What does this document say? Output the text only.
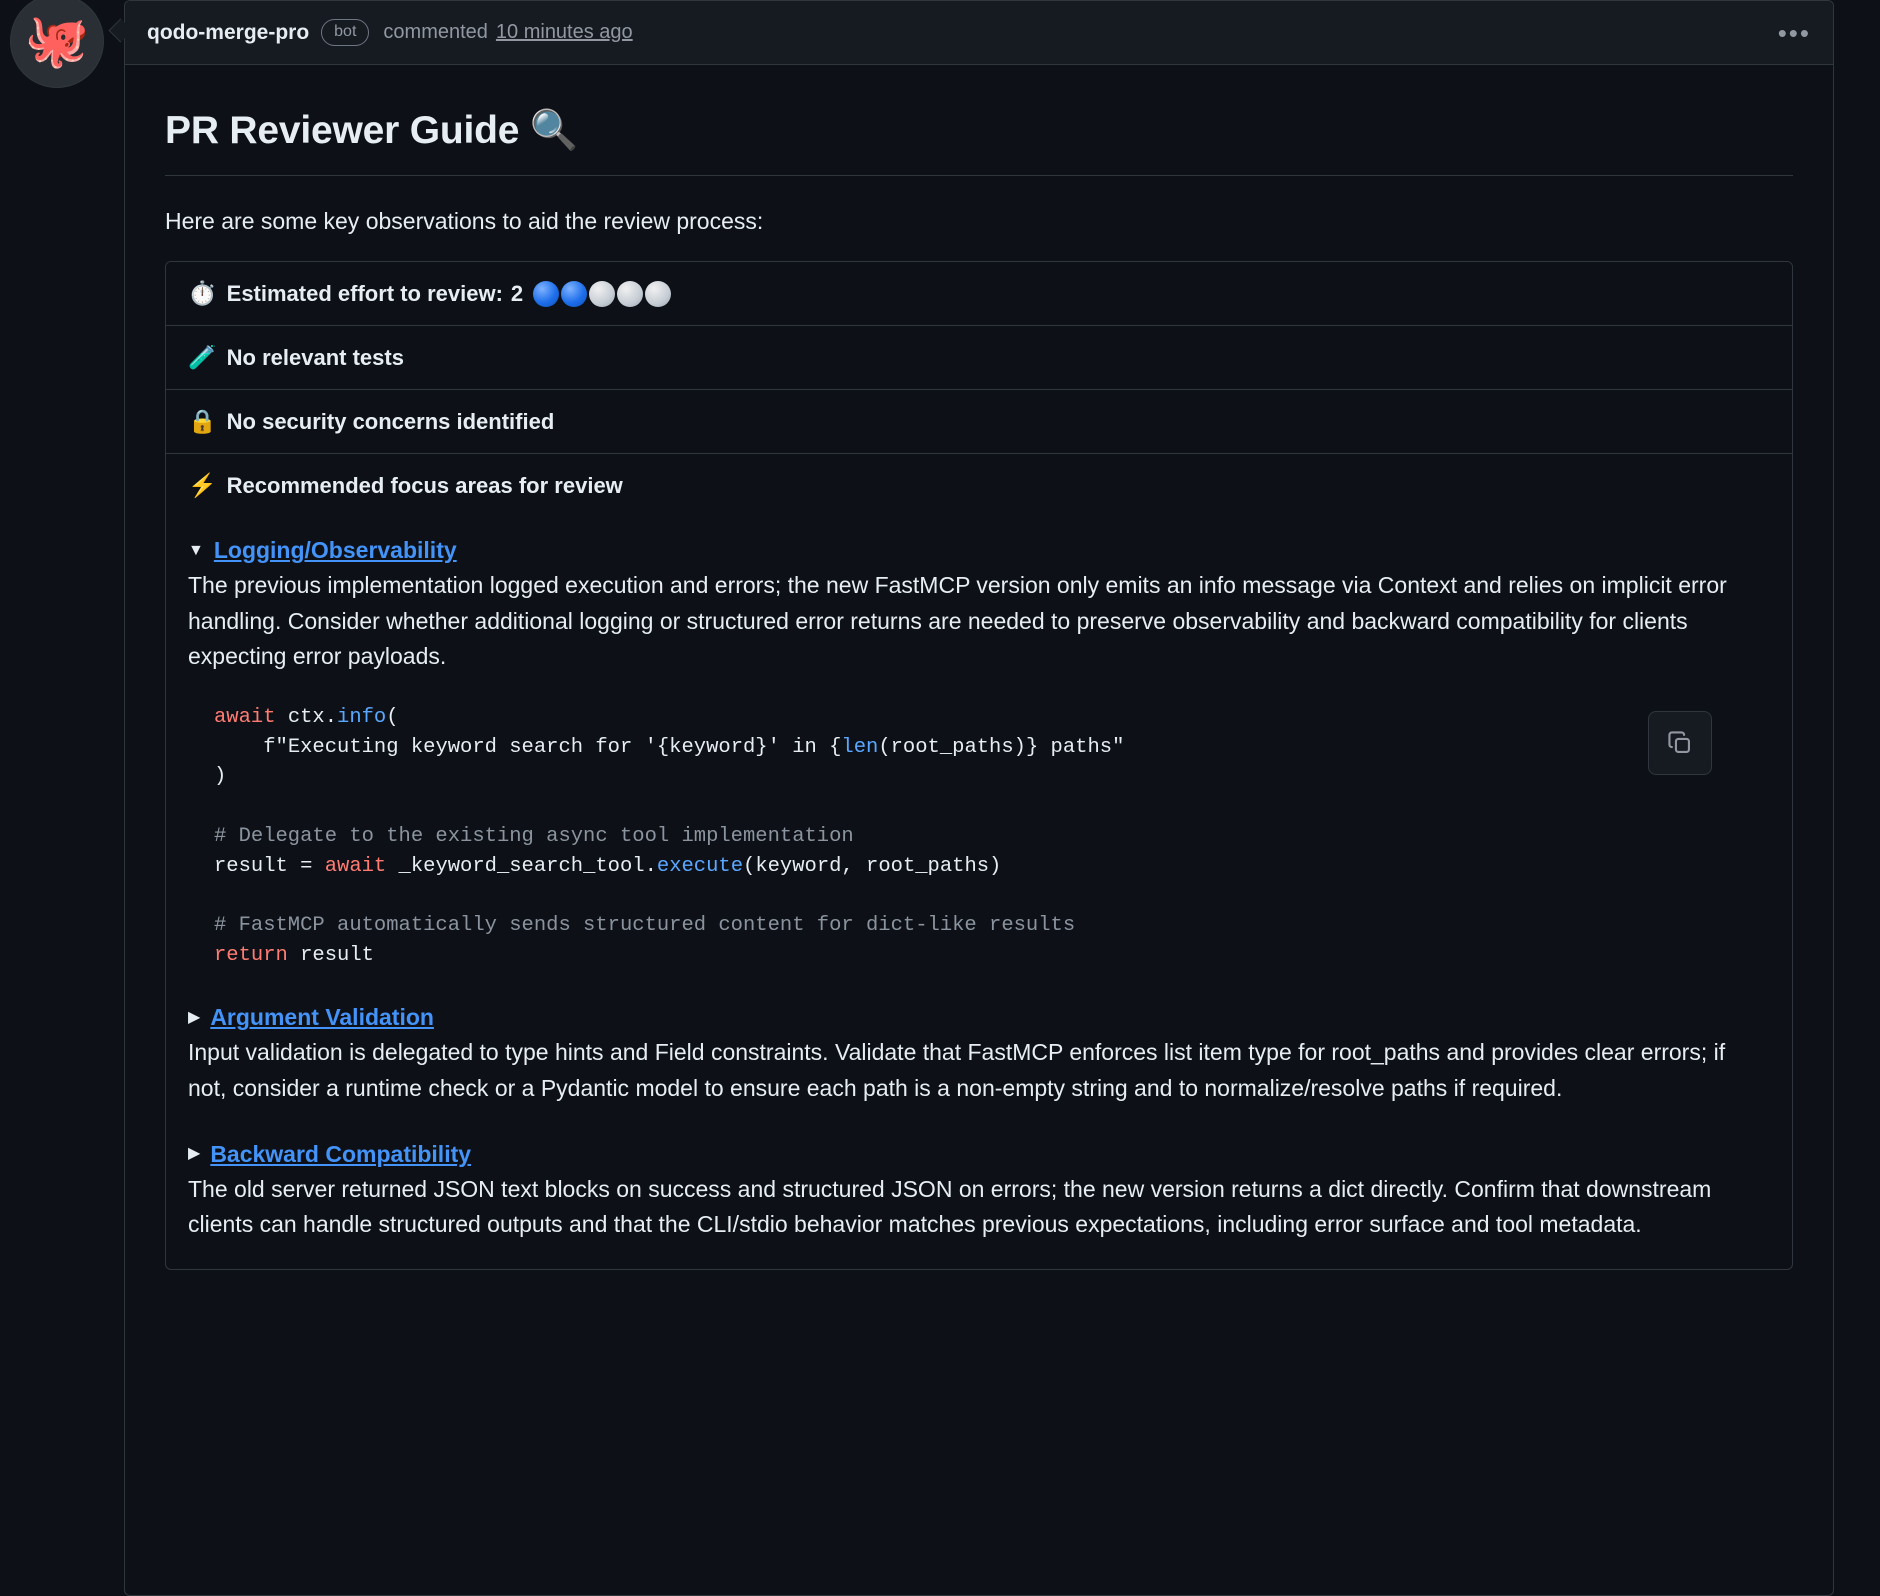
🐙	qodo-merge-pro	bot	commented 10 minutes ago	•••
PR Reviewer Guide 🔍

Here are some key observations to aid the review process:

⏱️ Estimated effort to review: 2
🧪 No relevant tests
🔒 No security concerns identified
⚡ Recommended focus areas for review
▼ Logging/Observability

The previous implementation logged execution and errors; the new FastMCP version only emits an info message via Context and relies on implicit error handling. Consider whether additional logging or structured error returns are needed to preserve observability and backward compatibility for clients expecting error payloads.

await ctx.info(
f"Executing keyword search for '{keyword}' in {len(root_paths)} paths"
)

# Delegate to the existing async tool implementation
result = await _keyword_search_tool.execute(keyword, root_paths)

# FastMCP automatically sends structured content for dict-like results
return result
▶ Argument Validation

Input validation is delegated to type hints and Field constraints. Validate that FastMCP enforces list item type for root_paths and provides clear errors; if not, consider a runtime check or a Pydantic model to ensure each path is a non-empty string and to normalize/resolve paths if required.

▶ Backward Compatibility

The old server returned JSON text blocks on success and structured JSON on errors; the new version returns a dict directly. Confirm that downstream clients can handle structured outputs and that the CLI/stdio behavior matches previous expectations, including error surface and tool metadata.
